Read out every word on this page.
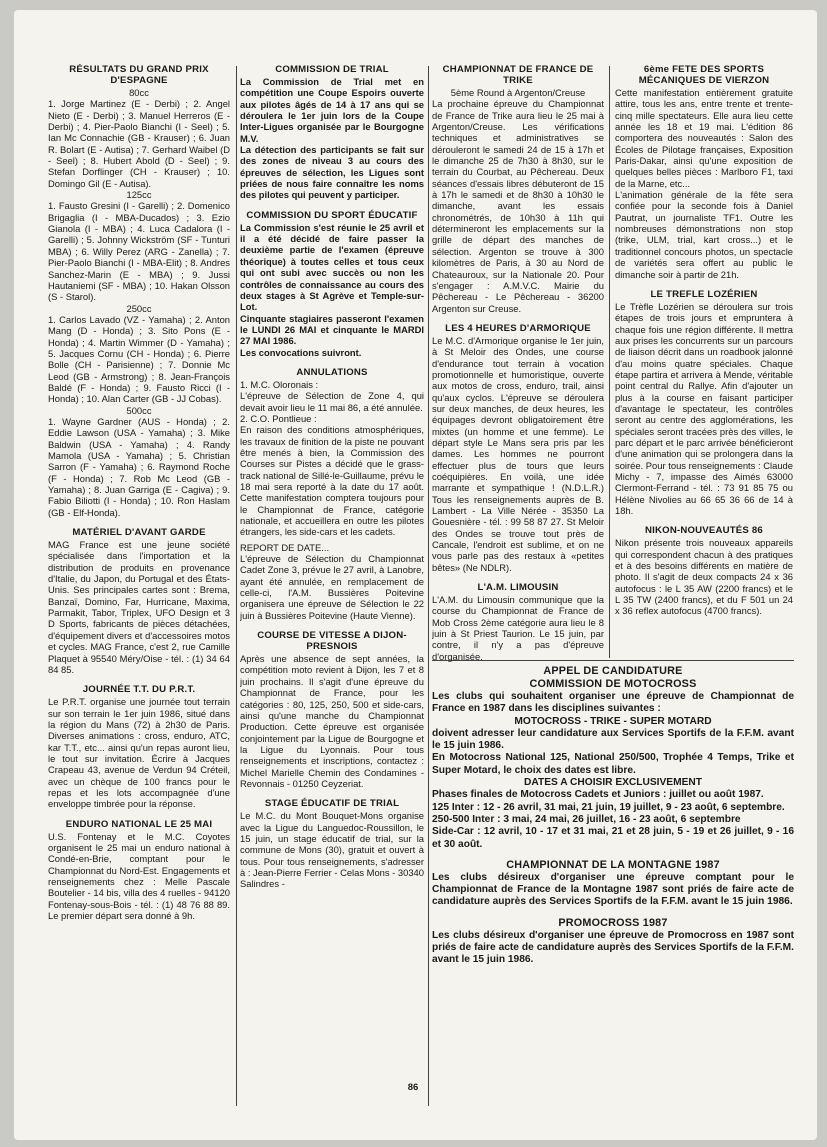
RÉSULTATS DU GRAND PRIX D'ESPAGNE

80cc

1. Jorge Martinez (E - Derbi) ; 2. Angel Nieto (E - Derbi) ; 3. Manuel Herreros (E - Derbi) ; 4. Pier-Paolo Bianchi (I - Seel) ; 5. Ian Mc Connachie (GB - Krauser) ; 6. Juan R. Bolart (E - Autisa) ; 7. Gerhard Waibel (D - Seel) ; 8. Hubert Abold (D - Seel) ; 9. Stefan Dorflinger (CH - Krauser) ; 10. Domingo Gil (E - Autisa).

125cc

1. Fausto Gresini (I - Garelli) ; 2. Domenico Brigaglia (I - MBA-Ducados) ; 3. Ezio Gianola (I - MBA) ; 4. Luca Cadalora (I - Garelli) ; 5. Johnny Wickström (SF - Tunturi MBA) ; 6. Willy Perez (ARG - Zanella) ; 7. Pier-Paolo Bianchi (I - MBA-Elit) ; 8. Andres Sanchez-Marin (E - MBA) ; 9. Jussi Hautaniemi (SF - MBA) ; 10. Hakan Olsson (S - Starol).

250cc

1. Carlos Lavado (VZ - Yamaha) ; 2. Anton Mang (D - Honda) ; 3. Sito Pons (E - Honda) ; 4. Martin Wimmer (D - Yamaha) ; 5. Jacques Cornu (CH - Honda) ; 6. Pierre Bolle (CH - Parisienne) ; 7. Donnie Mc Leod (GB - Armstrong) ; 8. Jean-François Baldé (F - Honda) ; 9. Fausto Ricci (I - Honda) ; 10. Alan Carter (GB - JJ Cobas).

500cc

1. Wayne Gardner (AUS - Honda) ; 2. Eddie Lawson (USA - Yamaha) ; 3. Mike Baldwin (USA - Yamaha) ; 4. Randy Mamola (USA - Yamaha) ; 5. Christian Sarron (F - Yamaha) ; 6. Raymond Roche (F - Honda) ; 7. Rob Mc Leod (GB - Yamaha) ; 8. Juan Garriga (E - Cagiva) ; 9. Fabio Biliotti (I - Honda) ; 10. Ron Haslam (GB - Elf-Honda).

MATÉRIEL D'AVANT GARDE

MAG France est une jeune société spécialisée dans l'importation et la distribution de produits en provenance d'Italie, du Japon, du Portugal et des États-Unis. Ses principales cartes sont : Brema, Banzaï, Domino, Far, Hurricane, Maxima, Parmakit, Tabor, Triplex, UFO Design et 3 D Sports, fabricants de pièces détachées, d'équipement divers et d'accessoires motos et cycles. MAG France, c'est 2, rue Camille Plaquet à 95540 Méry/Oise - tél. : (1) 34 64 84 85.

JOURNÉE T.T. DU P.R.T.

Le P.R.T. organise une journée tout terrain sur son terrain le 1er juin 1986, situé dans la région du Mans (72) à 2h30 de Paris. Diverses animations : cross, enduro, ATC, kar T.T., etc... ainsi qu'un repas auront lieu, le tout sur invitation. Écrire à Jacques Crapeau 43, avenue de Verdun 94 Créteil, avec un chèque de 100 francs pour le repas et les lots accompagnée d'une enveloppe timbrée pour la réponse.

ENDURO NATIONAL LE 25 MAI

U.S. Fontenay et le M.C. Coyotes organisent le 25 mai un enduro national à Condé-en-Brie, comptant pour le Championnat du Nord-Est. Engagements et renseignements chez : Melle Pascale Boutelier - 14 bis, villa des 4 ruelles - 94120 Fontenay-sous-Bois - tél. : (1) 48 76 88 89. Le premier départ sera donné à 9h.

COMMISSION DE TRIAL

La Commission de Trial met en compétition une Coupe Espoirs ouverte aux pilotes âgés de 14 à 17 ans qui se déroulera le 1er juin lors de la Coupe Inter-Ligues organisée par le Bourgogne M.V.

La détection des participants se fait sur des zones de niveau 3 au cours des épreuves de sélection, les Ligues sont priées de nous faire connaître les noms des pilotes qui peuvent y participer.

COMMISSION DU SPORT ÉDUCATIF

La Commission s'est réunie le 25 avril et il a été décidé de faire passer la deuxième partie de l'examen (épreuve théorique) à toutes celles et tous ceux qui ont subi avec succès ou non les contrôles de connaissance au cours des deux stages à St Agrève et Temple-sur-Lot.

Cinquante stagiaires passeront l'examen le LUNDI 26 MAI et cinquante le MARDI 27 MAI 1986.

Les convocations suivront.

ANNULATIONS

1. M.C. Oloronais :

L'épreuve de Sélection de Zone 4, qui devait avoir lieu le 11 mai 86, a été annulée.

2. C.O. Pontlieue :

En raison des conditions atmosphériques, les travaux de finition de la piste ne pouvant être menés à bien, la Commission des Courses sur Pistes a décidé que le grass-track national de Sillé-le-Guillaume, prévu le 18 mai sera reporté à la date du 17 août. Cette manifestation comptera toujours pour le Championnat de France, catégorie nationale, et accueillera en outre les pilotes étrangers, les side-cars et les cadets.

REPORT DE DATE...

L'épreuve de Sélection du Championnat Cadet Zone 3, prévue le 27 avril, à Lanobre, ayant été annulée, en remplacement de celle-ci, l'A.M. Bussières Poitevine organisera une épreuve de Sélection le 22 juin à Bussières Poitevine (Haute Vienne).

COURSE DE VITESSE A DIJON-PRESNOIS

Après une absence de sept années, la compétition moto revient à Dijon, les 7 et 8 juin prochains. Il s'agit d'une épreuve du Championnat de France, pour les catégories : 80, 125, 250, 500 et side-cars, ainsi qu'une manche du Championnat Production. Cette épreuve est organisée conjointement par la Ligue de Bourgogne et la Ligue du Lyonnais. Pour tous renseignements et inscriptions, contactez : Michel Marielle Chemin des Condamines - Revonnais - 01250 Ceyzeriat.

STAGE ÉDUCATIF DE TRIAL

Le M.C. du Mont Bouquet-Mons organise avec la Ligue du Languedoc-Roussillon, le 15 juin, un stage éducatif de trial, sur la commune de Mons (30), gratuit et ouvert à tous. Pour tous renseignements, s'adresser à : Jean-Pierre Ferrier - Celas Mons - 30340 Salindres -

CHAMPIONNAT DE FRANCE DE TRIKE

5ème Round à Argenton/Creuse

La prochaine épreuve du Championnat de France de Trike aura lieu le 25 mai à Argenton/Creuse. Les vérifications techniques et administratives se dérouleront le samedi 24 de 15 à 17h et le dimanche 25 de 7h30 à 8h30, sur le terrain du Courbat, au Pêchereau. Deux séances d'essais libres débuteront de 15 à 17h le samedi et de 8h30 à 10h30 le dimanche, avant les essais chronométrés, de 10h30 à 11h qui détermineront les emplacements sur la grille de départ des manches de sélection. Argenton se trouve à 300 kilomètres de Paris, à 30 au Nord de Chateauroux, sur la Nationale 20. Pour s'engager : A.M.V.C. Mairie du Pêchereau - Le Pêchereau - 36200 Argenton sur Creuse.

LES 4 HEURES D'ARMORIQUE

Le M.C. d'Armorique organise le 1er juin, à St Meloir des Ondes, une course d'endurance tout terrain à vocation promotionnelle et humoristique, ouverte aux motos de cross, enduro, trail, ainsi qu'aux cyclos. L'épreuve se déroulera sur deux manches, de deux heures, les équipages devront obligatoirement être mixtes (un homme et une femme). Le départ style Le Mans sera pris par les dames. Les hommes ne pourront effectuer plus de tours que leurs coéquipières. En voilà, une idée marrante et sympathique ! (N.D.L.R.) Tous les renseignements auprès de B. Lambert - La Ville Nérée - 35350 La Gouesnière - tél. : 99 58 87 27. St Meloir des Ondes se trouve tout près de Cancale, l'endroit est sublime, et on ne vous parle pas des restaux à «petites bêtes» (Ne NDLR).

L'A.M. LIMOUSIN

L'A.M. du Limousin communique que la course du Championnat de France de Mob Cross 2ème catégorie aura lieu le 8 juin à St Priest Taurion. Le 15 juin, par contre, il n'y a pas d'épreuve d'organisée.

6ème FETE DES SPORTS MÉCANIQUES DE VIERZON

Cette manifestation entièrement gratuite attire, tous les ans, entre trente et trente-cinq mille spectateurs. Elle aura lieu cette année les 18 et 19 mai. L'édition 86 comportera des nouveautés : Salon des Écoles de Pilotage françaises, Exposition Paris-Dakar, ainsi qu'une exposition de quelques belles pièces : Marlboro F1, taxi de la Marne, etc...

L'animation générale de la fête sera confiée pour la seconde fois à Daniel Pautrat, un journaliste TF1. Outre les nombreuses démonstrations non stop (trike, ULM, trial, kart cross...) et le traditionnel concours photos, un spectacle de variétés sera offert au public le dimanche soir à partir de 21h.

LE TREFLE LOZÉRIEN

Le Trèfle Lozérien se déroulera sur trois étapes de trois jours et empruntera à chaque fois une région différente. Il mettra aux prises les concurrents sur un parcours de liaison décrit dans un roadbook jalonné d'au moins quatre spéciales. Chaque étape partira et arrivera à Mende, véritable point central du Rallye. Afin d'ajouter un plus à la course en faisant participer d'avantage le spectateur, les contrôles seront au centre des agglomérations, les spéciales seront tracées près des villes, le parc départ et le parc arrivée bénéficieront d'une animation qui se prolongera dans la soirée. Pour tous renseignements : Claude Michy - 7, impasse des Aimés 63000 Clermont-Ferrand - tél. : 73 91 85 75 ou Hélène Nivolies au 66 65 36 66 de 14 à 18h.

NIKON-NOUVEAUTÉS 86

Nikon présente trois nouveaux appareils qui correspondent chacun à des pratiques et à des besoins différents en matière de photo. Il s'agit de deux compacts 24 x 36 autofocus : le L 35 AW (2200 francs) et le L 35 TW (2400 francs), et du F 501 un 24 x 36 reflex autofocus (4700 francs).

APPEL DE CANDIDATURE
COMMISSION DE MOTOCROSS

Les clubs qui souhaitent organiser une épreuve de Championnat de France en 1987 dans les disciplines suivantes :

MOTOCROSS - TRIKE - SUPER MOTARD

doivent adresser leur candidature aux Services Sportifs de la F.F.M. avant le 15 juin 1986.

En Motocross National 125, National 250/500, Trophée 4 Temps, Trike et Super Motard, le choix des dates est libre.

DATES A CHOISIR EXCLUSIVEMENT

Phases finales de Motocross Cadets et Juniors : juillet ou août 1987.

125 Inter : 12 - 26 avril, 31 mai, 21 juin, 19 juillet, 9 - 23 août, 6 septembre.

250-500 Inter : 3 mai, 24 mai, 26 juillet, 16 - 23 août, 6 septembre

Side-Car : 12 avril, 10 - 17 et 31 mai, 21 et 28 juin, 5 - 19 et 26 juillet, 9 - 16 et 30 août.

CHAMPIONNAT DE LA MONTAGNE 1987

Les clubs désireux d'organiser une épreuve comptant pour le Championnat de France de la Montagne 1987 sont priés de faire acte de candidature auprès des Services Sportifs de la F.F.M. avant le 15 juin 1986.

PROMOCROSS 1987

Les clubs désireux d'organiser une épreuve de Promocross en 1987 sont priés de faire acte de candidature auprès des Services Sportifs de la F.F.M. avant le 15 juin 1986.

86
